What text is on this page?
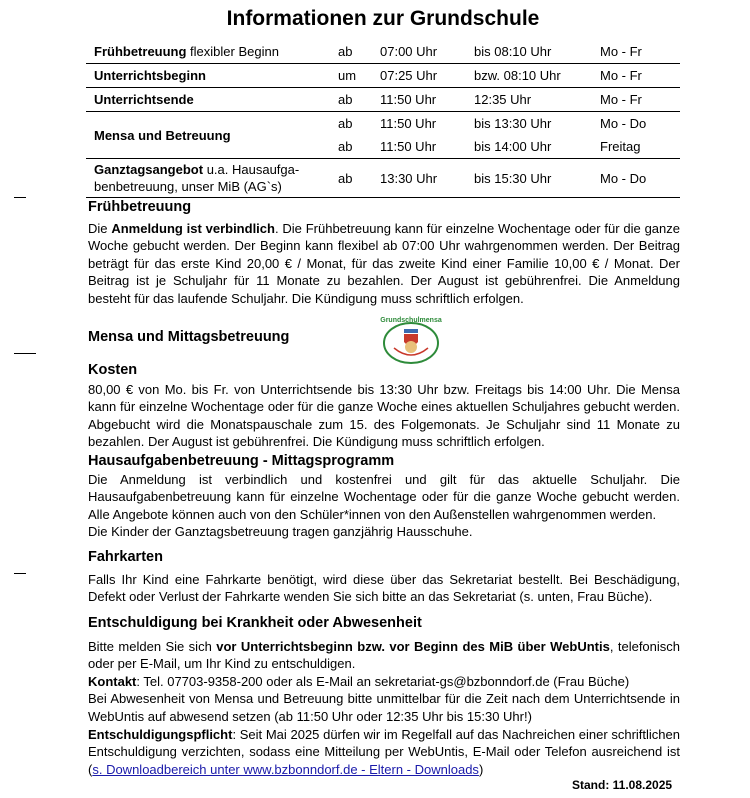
Informationen zur Grundschule
Frühbetreuung flexibler Beginn	ab	07:00 Uhr	bis 08:10 Uhr	Mo - Fr
Unterrichtsbeginn	um	07:25 Uhr	bzw. 08:10 Uhr	Mo - Fr
Unterrichtsende	ab	11:50 Uhr	12:35 Uhr	Mo - Fr
Mensa und Betreuung	ab	11:50 Uhr	bis 13:30 Uhr	Mo - Do
	ab	11:50 Uhr	bis 14:00 Uhr	Freitag
Ganztagsangebot u.a. Hausaufga-
benbetreuung, unser MiB (AG`s)	ab	13:30 Uhr	bis 15:30 Uhr	Mo - Do
Frühbetreuung

Die Anmeldung ist verbindlich. Die Frühbetreuung kann für einzelne Wochentage oder für die ganze Woche gebucht werden. Der Beginn kann flexibel ab 07:00 Uhr wahrgenommen werden. Der Beitrag beträgt für das erste Kind 20,00 € / Monat, für das zweite Kind einer Familie 10,00 € / Monat. Der Beitrag ist je Schuljahr für 11 Monate zu bezahlen. Der August ist gebührenfrei. Die Anmeldung besteht für das laufende Schuljahr. Die Kündigung muss schriftlich erfolgen.

Mensa und Mittagsbetreuung
Grundschulmensa
Kosten

80,00 € von Mo. bis Fr. von Unterrichtsende bis 13:30 Uhr bzw. Freitags bis 14:00 Uhr. Die Mensa kann für einzelne Wochentage oder für die ganze Woche eines aktuellen Schuljahres gebucht werden. Abgebucht wird die Monatspauschale zum 15. des Folgemonats. Je Schuljahr sind 11 Monate zu bezahlen. Der August ist gebührenfrei. Die Kündigung muss schriftlich erfolgen.

Hausaufgabenbetreuung - Mittagsprogramm

Die Anmeldung ist verbindlich und kostenfrei und gilt für das aktuelle Schuljahr. Die Hausaufgabenbetreuung kann für einzelne Wochentage oder für die ganze Woche gebucht werden. Alle Angebote können auch von den Schüler*innen von den Außenstellen wahrgenommen werden.

Die Kinder der Ganztagsbetreuung tragen ganzjährig Hausschuhe.

Fahrkarten

Falls Ihr Kind eine Fahrkarte benötigt, wird diese über das Sekretariat bestellt. Bei Beschädigung, Defekt oder Verlust der Fahrkarte wenden Sie sich bitte an das Sekretariat (s. unten, Frau Büche).

Entschuldigung bei Krankheit oder Abwesenheit

Bitte melden Sie sich vor Unterrichtsbeginn bzw. vor Beginn des MiB über WebUntis, telefonisch oder per E-Mail, um Ihr Kind zu entschuldigen.

Kontakt: Tel. 07703-9358-200 oder als E-Mail an sekretariat-gs@bzbonndorf.de (Frau Büche)

Bei Abwesenheit von Mensa und Betreuung bitte unmittelbar für die Zeit nach dem Unterrichtsende in WebUntis auf abwesend setzen (ab 11:50 Uhr oder 12:35 Uhr bis 15:30 Uhr!)

Entschuldigungspflicht: Seit Mai 2025 dürfen wir im Regelfall auf das Nachreichen einer schriftlichen Entschuldigung verzichten, sodass eine Mitteilung per WebUntis, E-Mail oder Telefon ausreichend ist (s. Downloadbereich unter www.bzbonndorf.de - Eltern - Downloads)

Stand: 11.08.2025
